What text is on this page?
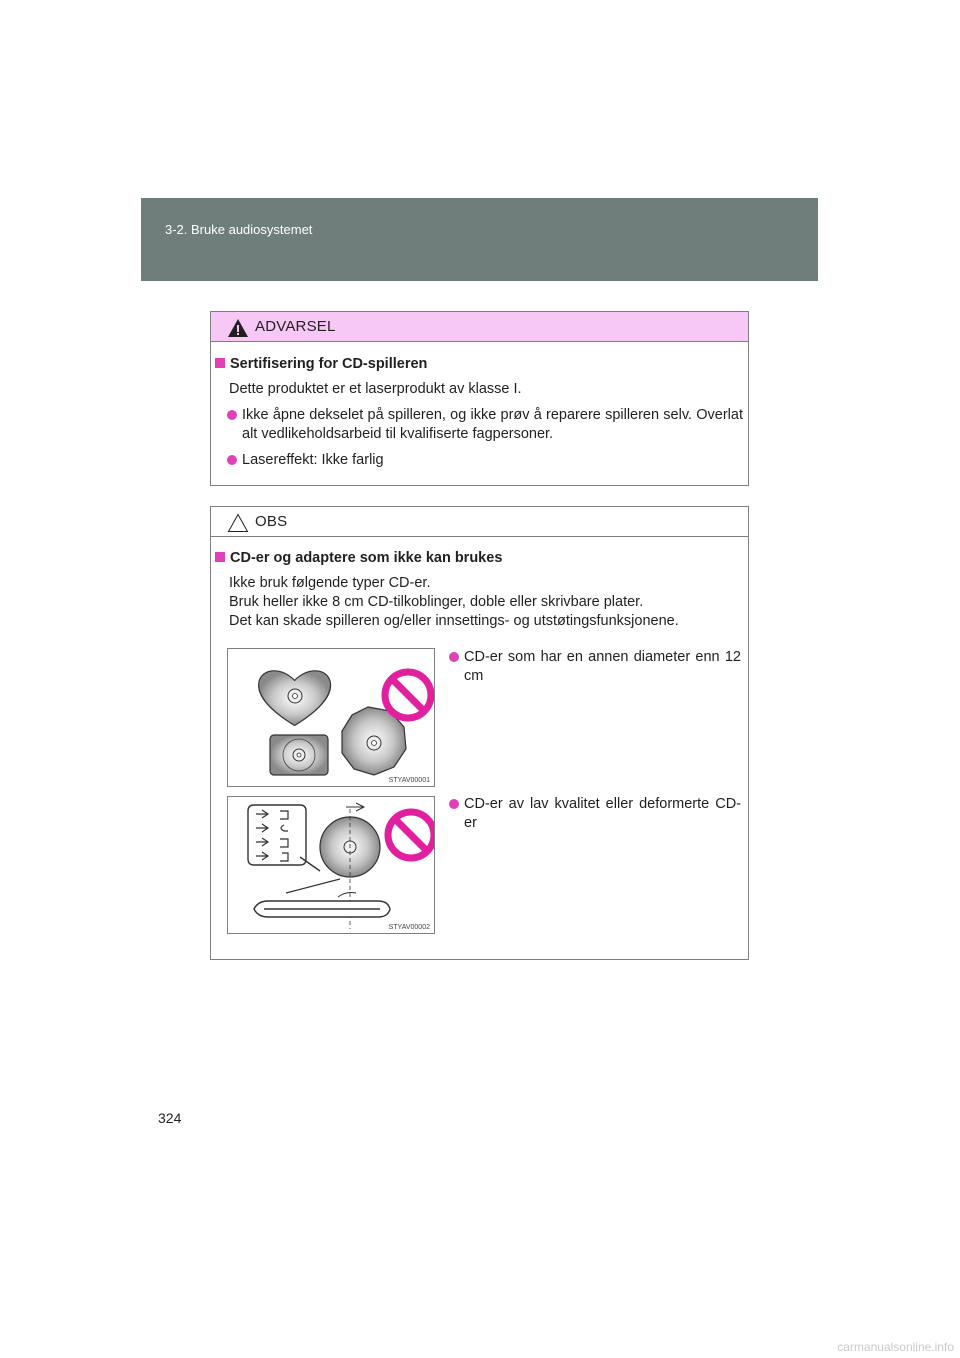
3-2. Bruke audiosystemet
ADVARSEL
Sertifisering for CD-spilleren
Dette produktet er et laserprodukt av klasse I.
Ikke åpne dekselet på spilleren, og ikke prøv å reparere spilleren selv. Overlat alt vedlikeholdsarbeid til kvalifiserte fagpersoner.
Lasereffekt: Ikke farlig
OBS
CD-er og adaptere som ikke kan brukes
Ikke bruk følgende typer CD-er.
Bruk heller ikke 8 cm CD-tilkoblinger, doble eller skrivbare plater.
Det kan skade spilleren og/eller innsettings- og utstøtingsfunksjonene.
STYAV00001
CD-er som har en annen diameter enn 12 cm
STYAV00002
CD-er av lav kvalitet eller deformerte CD-er
324
carmanualsonline.info
